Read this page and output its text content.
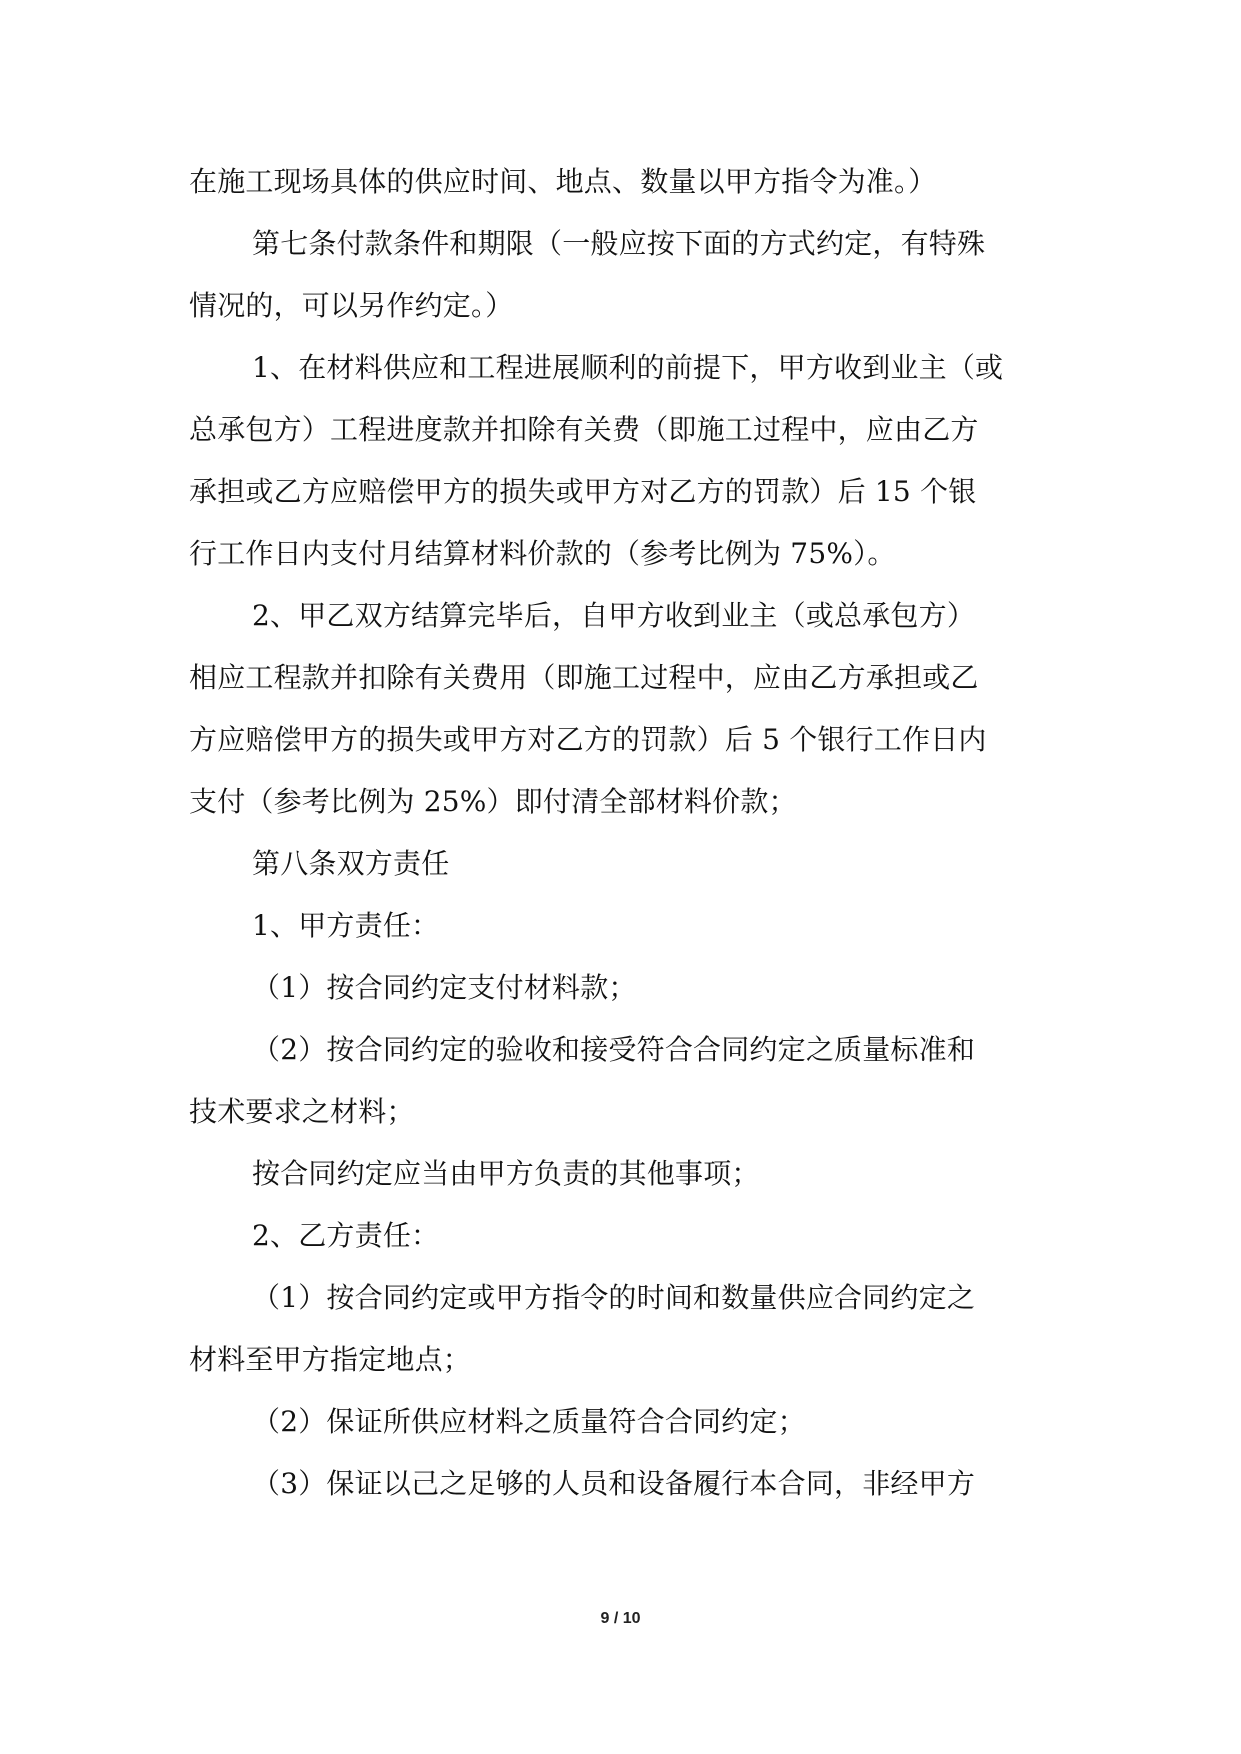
在施工现场具体的供应时间、地点、数量以甲方指令为准。）
第七条付款条件和期限（一般应按下面的方式约定，有特殊
情况的，可以另作约定。）
1、在材料供应和工程进展顺利的前提下，甲方收到业主（或
总承包方）工程进度款并扣除有关费（即施工过程中，应由乙方
承担或乙方应赔偿甲方的损失或甲方对乙方的罚款）后 15 个银
行工作日内支付月结算材料价款的（参考比例为 75%）。
2、甲乙双方结算完毕后，自甲方收到业主（或总承包方）
相应工程款并扣除有关费用（即施工过程中，应由乙方承担或乙
方应赔偿甲方的损失或甲方对乙方的罚款）后 5 个银行工作日内
支付（参考比例为 25%）即付清全部材料价款；
第八条双方责任
1、甲方责任：
（1）按合同约定支付材料款；
（2）按合同约定的验收和接受符合合同约定之质量标准和
技术要求之材料；
按合同约定应当由甲方负责的其他事项；
2、乙方责任：
（1）按合同约定或甲方指令的时间和数量供应合同约定之
材料至甲方指定地点；
（2）保证所供应材料之质量符合合同约定；
（3）保证以己之足够的人员和设备履行本合同，非经甲方
9 / 10
